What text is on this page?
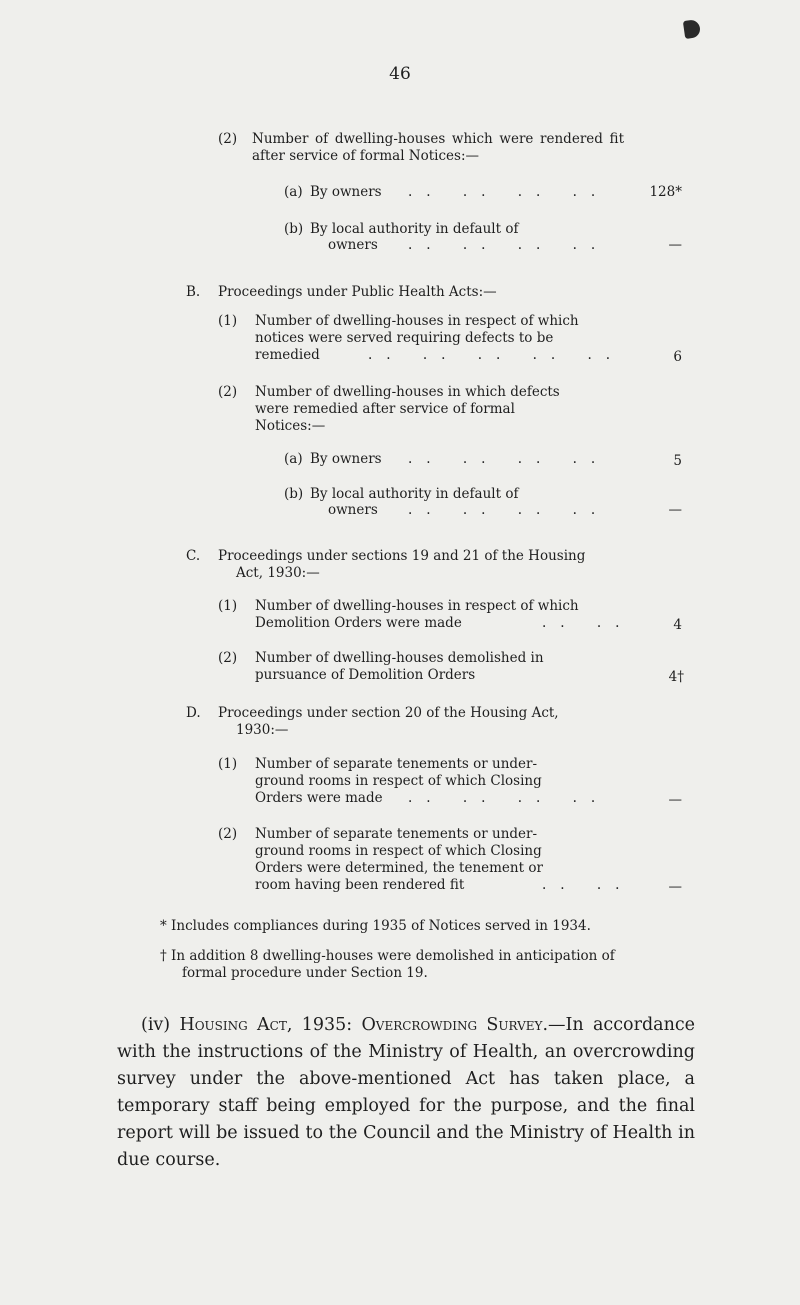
46
(2) Number of dwelling-houses which were rendered fit after service of formal Notices:—
(a) By owners .. .. .. ..	128*
(b) By local authority in default of
owners .. .. .. ..	—
B. Proceedings under Public Health Acts:—
(1) Number of dwelling-houses in respect of which
notices were served requiring defects to be
remedied	.. .. .. .. ..	6
(2) Number of dwelling-houses in which defects
were remedied after service of formal
Notices:—
(a) By owners .. .. .. ..	5
(b) By local authority in default of
owners .. .. .. ..	—
C. Proceedings under sections 19 and 21 of the Housing
Act, 1930:—
(1) Number of dwelling-houses in respect of which
Demolition Orders were made	.. ..	4
(2) Number of dwelling-houses demolished in
pursuance of Demolition Orders	4†
D. Proceedings under section 20 of the Housing Act,
1930:—
(1) Number of separate tenements or under-
ground rooms in respect of which Closing
Orders were made .. .. .. ..	—
(2) Number of separate tenements or under-
ground rooms in respect of which Closing
Orders were determined, the tenement or
room having been rendered fit	.. ..	—
* Includes compliances during 1935 of Notices served in 1934.
† In addition 8 dwelling-houses were demolished in anticipation of
formal procedure under Section 19.
(iv) Housing Act, 1935: Overcrowding Survey.—In accordance with the instructions of the Ministry of Health, an overcrowding survey under the above-mentioned Act has taken place, a temporary staff being employed for the purpose, and the final report will be issued to the Council and the Ministry of Health in due course.
